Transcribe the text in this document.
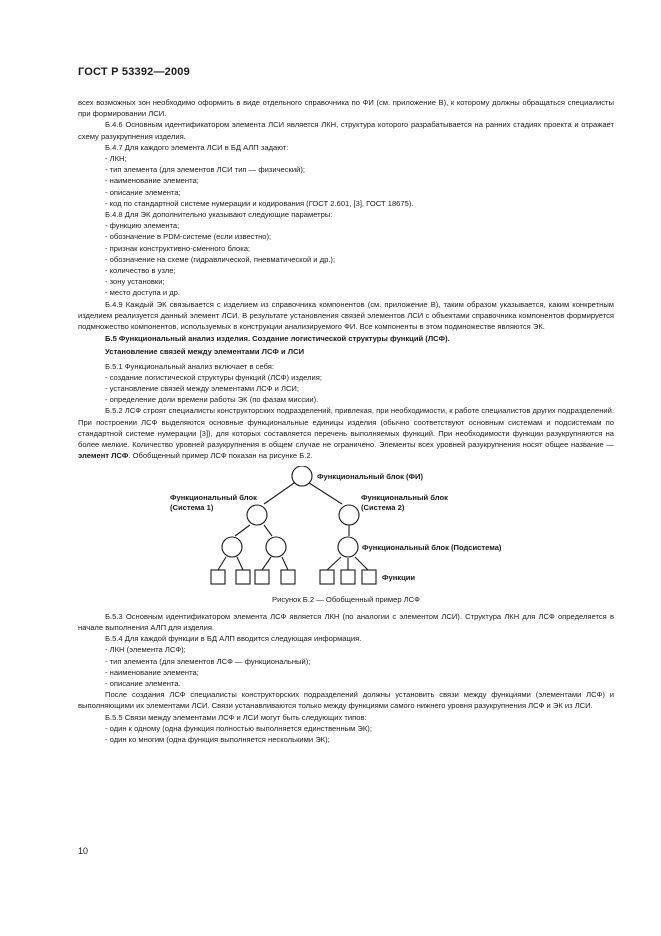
ГОСТ Р 53392—2009

всех возможных зон необходимо оформить в виде отдельного справочника по ФИ (см. приложение В), к которому должны обращаться специалисты при формировании ЛСИ.

Б.4.6 Основным идентификатором элемента ЛСИ является ЛКН, структура которого разрабатывается на ранних стадиях проекта и отражает схему разукрупнения изделия.

Б.4.7 Для каждого элемента ЛСИ в БД АЛП задают:

- ЛКН;

- тип элемента (для элементов ЛСИ тип — физический);

- наименование элемента;

- описание элемента;

- код по стандартной системе нумерации и кодирования (ГОСТ 2.601, [3], ГОСТ 18675).

Б.4.8 Для ЭК дополнительно указывают следующие параметры:

- функцию элемента;

- обозначение в PDM-системе (если известно);

- признак конструктивно-сменного блока;

- обозначение на схеме (гидравлической, пневматической и др.);

- количество в узле;

- зону установки;

- место доступа и др.

Б.4.9 Каждый ЭК связывается с изделием из справочника компонентов (см. приложение В), таким образом указывается, каким конкретным изделием реализуется данный элемент ЛСИ. В результате установления связей элементов ЛСИ с объектами справочника компонентов формируется подмножество компонентов, используемых в конструкции анализируемого ФИ. Все компоненты в этом подмножестве являются ЭК.

Б.5 Функциональный анализ изделия. Создание логистической структуры функций (ЛСФ).

Установление связей между элементами ЛСФ и ЛСИ

Б.5.1 Функциональный анализ включает в себя:

- создание логистической структуры функций (ЛСФ) изделия;

- установление связей между элементами ЛСФ и ЛСИ;

- определение доли времени работы ЭК (по фазам миссии).

Б.5.2 ЛСФ строят специалисты конструкторских подразделений, привлекая, при необходимости, к работе специалистов других подразделений. При построении ЛСФ выделяются основные функциональные единицы изделия (обычно соответствуют основным системам и подсистемам по стандартной системе нумерации [3]), для которых составляется перечень выполняемых функций. При необходимости функции разукрупняются на более мелкие. Количество уровней разукрупнения в общем случае не ограничено. Элементы всех уровней разукрупнения носят общее название — элемент ЛСФ. Обобщенный пример ЛСФ показан на рисунке Б.2.

Функциональный блок (ФИ)
Функциональный блок
(Система 1)
Функциональный блок
(Система 2)
Функциональный блок (Подсистема)
Функции

Рисунок Б.2 — Обобщенный пример ЛСФ

Б.5.3 Основным идентификатором элемента ЛСФ является ЛКН (по аналогии с элементом ЛСИ). Структура ЛКН для ЛСФ определяется в начале выполнения АЛП для изделия.

Б.5.4 Для каждой функции в БД АЛП вводится следующая информация.

- ЛКН (элемента ЛСФ);

- тип элемента (для элементов ЛСФ — функциональный);

- наименование элемента;

- описание элемента.

После создания ЛСФ специалисты конструкторских подразделений должны установить связи между функциями (элементами ЛСФ) и выполняющими их элементами ЛСИ. Связи устанавливаются только между функциями самого нижнего уровня разукрупнения ЛСФ и ЭК из ЛСИ.

Б.5.5 Связи между элементами ЛСФ и ЛСИ могут быть следующих типов:

- один к одному (одна функция полностью выполняется единственным ЭК);

- один ко многим (одна функция выполняется несколькими ЭК);

10
